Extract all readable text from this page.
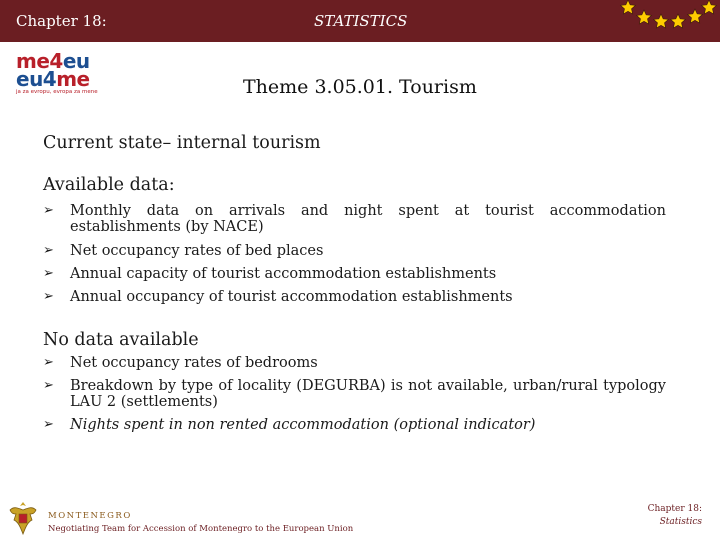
Chapter 18:	STATISTICS
me4eu
eu4me
ja za evropu, evropa za mene	Theme 3.05.01. Tourism
Current state– internal tourism
Available data:
➢ Monthly data on arrivals and night spent at tourist accommodation establishments (by NACE)
➢ Net occupancy rates of bed places
➢ Annual capacity of tourist accommodation establishments
➢ Annual occupancy of tourist accommodation establishments
No data available
➢ Net occupancy rates of bedrooms
➢ Breakdown by type of locality (DEGURBA) is not available, urban/rural typology LAU 2 (settlements)
➢ Nights spent in non rented accommodation (optional indicator)
MONTENEGRO
Negotiating Team for Accession of Montenegro to the European Union
Chapter 18:
Statistics
